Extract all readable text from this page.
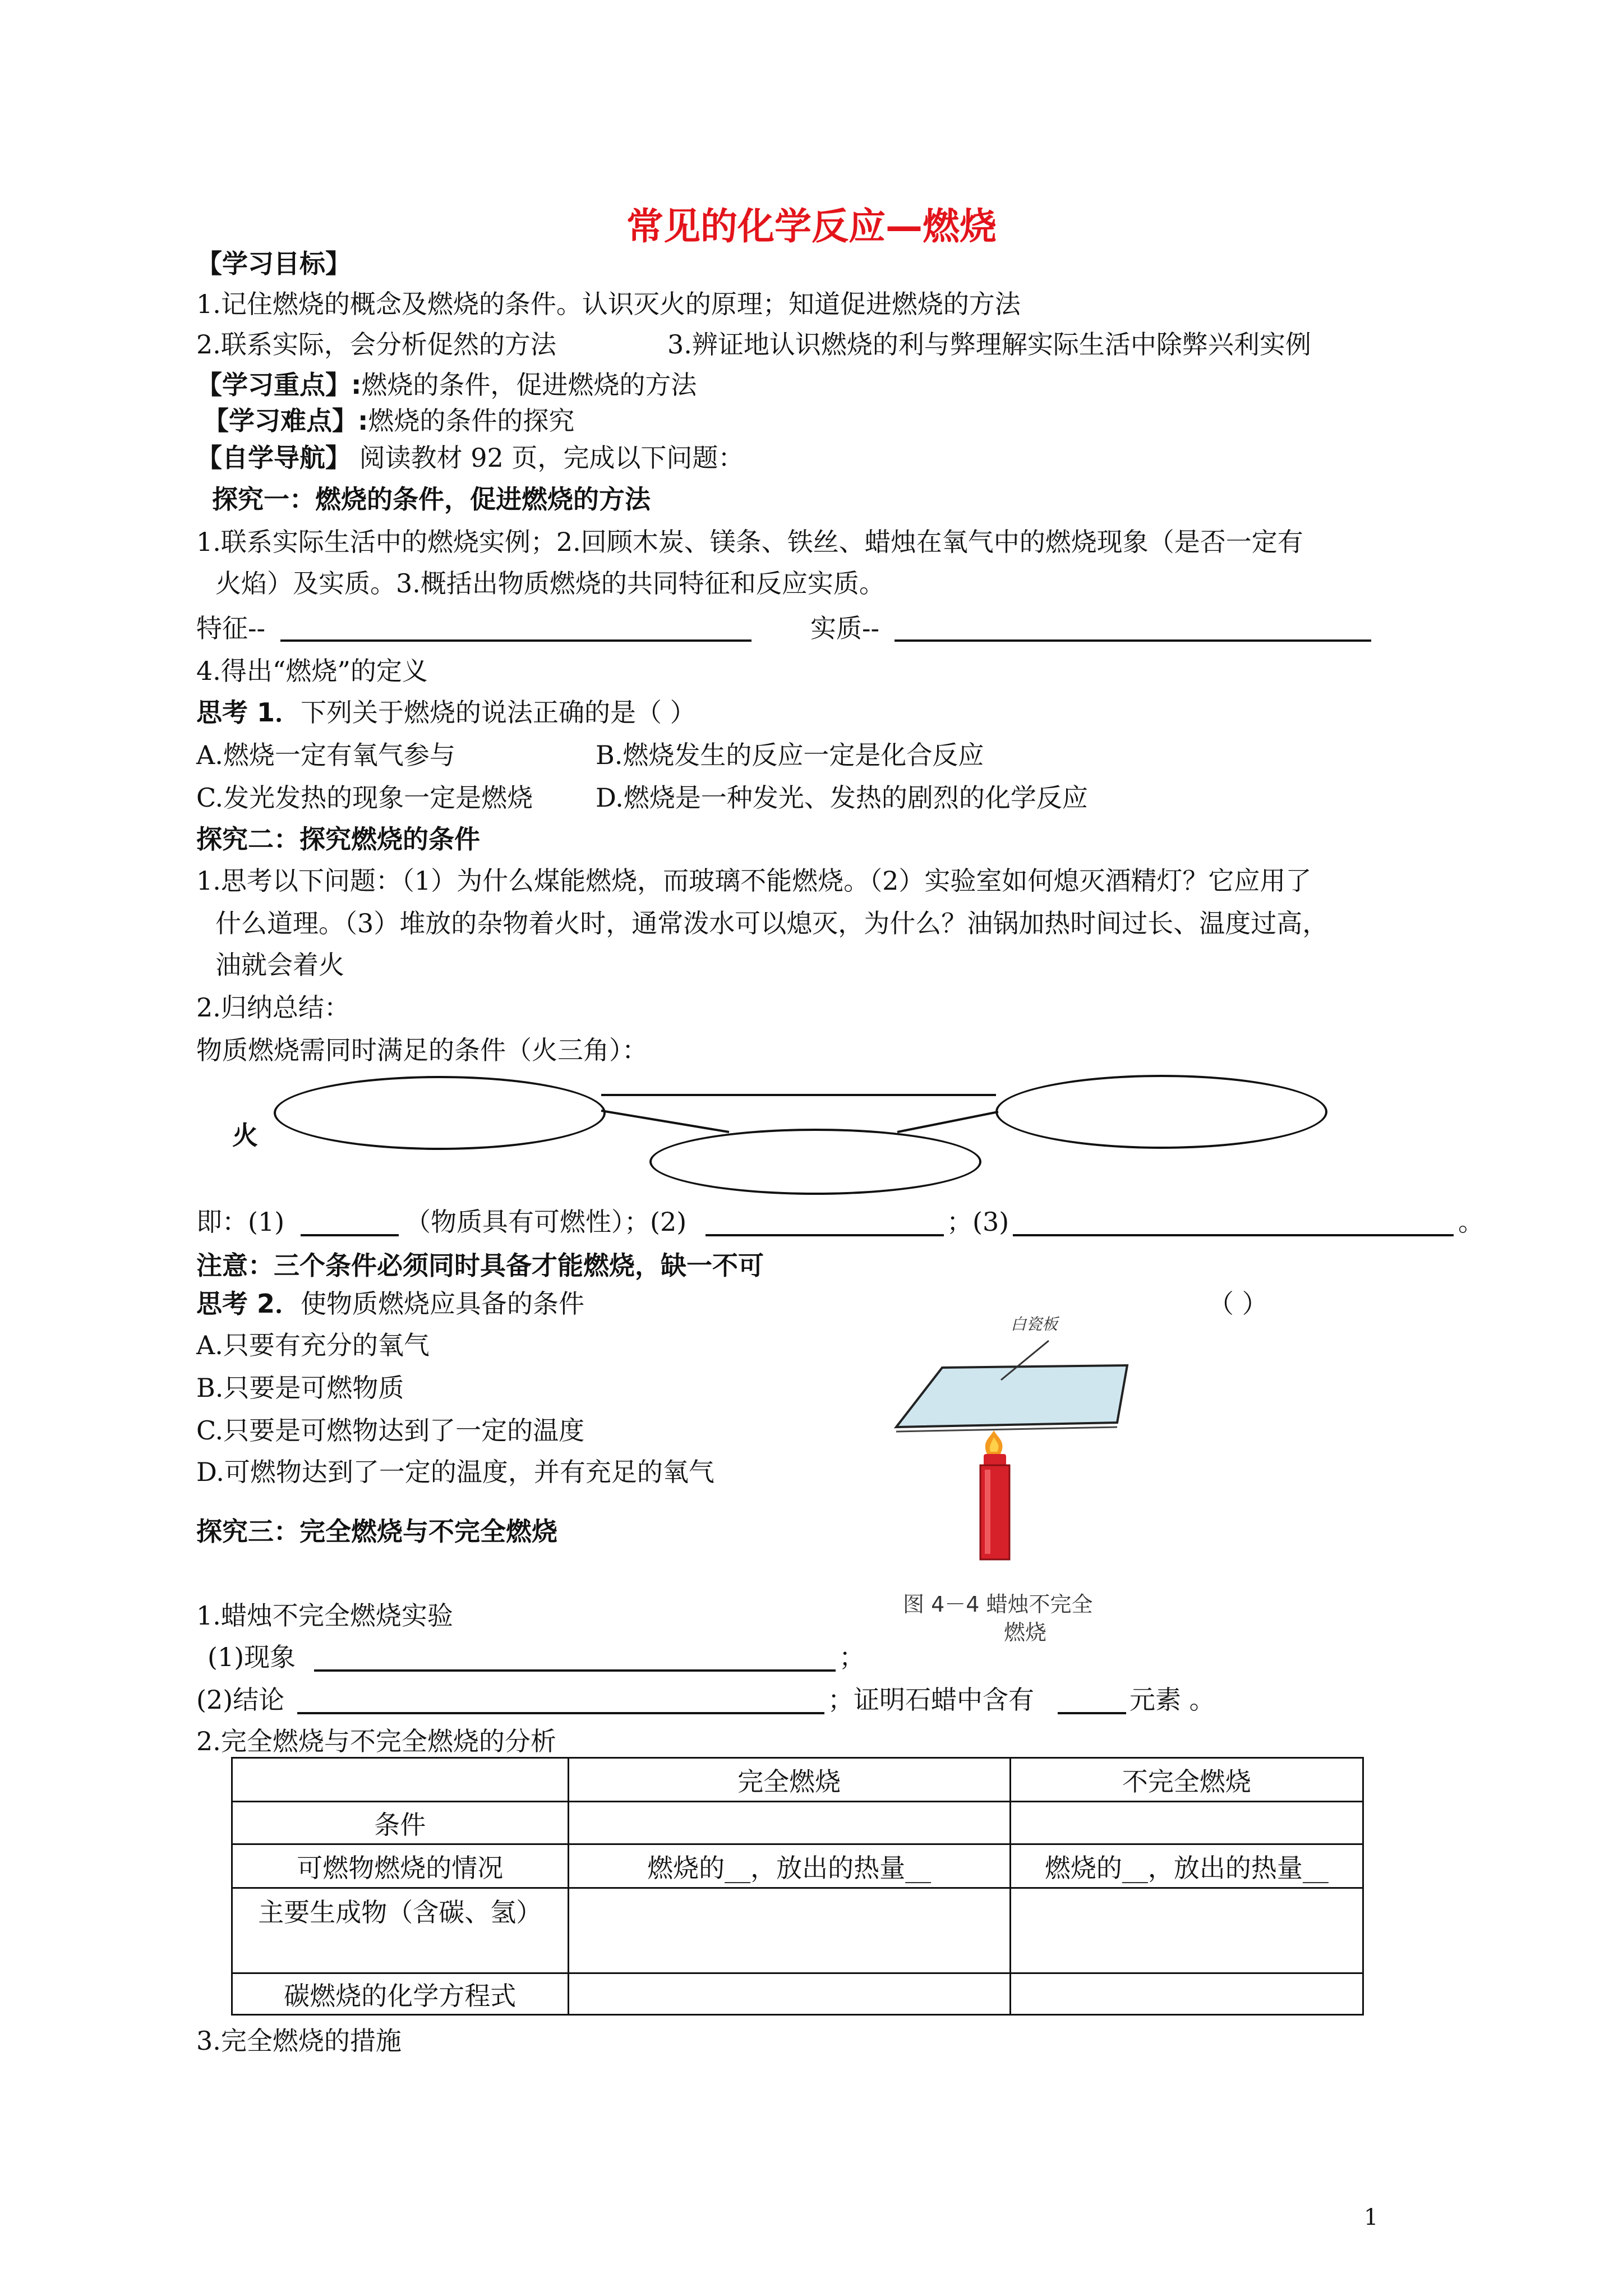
常见的化学反应—燃烧
【学习目标】
1.记住燃烧的概念及燃烧的条件。认识灭火的原理；知道促进燃烧的方法
2.联系实际，会分析促然的方法	3.辨证地认识燃烧的利与弊理解实际生活中除弊兴利实例
【学习重点】:燃烧的条件，促进燃烧的方法
【学习难点】:燃烧的条件的探究
【自学导航】 阅读教材 92 页，完成以下问题：
探究一：燃烧的条件，促进燃烧的方法
1.联系实际生活中的燃烧实例；2.回顾木炭、镁条、铁丝、蜡烛在氧气中的燃烧现象（是否一定有
火焰）及实质。3.概括出物质燃烧的共同特征和反应实质。
特征--	实质--
4.得出“燃烧”的定义
思考 1．下列关于燃烧的说法正确的是（ ）
A.燃烧一定有氧气参与	B.燃烧发生的反应一定是化合反应
C.发光发热的现象一定是燃烧 D.燃烧是一种发光、发热的剧烈的化学反应
探究二：探究燃烧的条件
1.思考以下问题：（1）为什么煤能燃烧，而玻璃不能燃烧。（2）实验室如何熄灭酒精灯？它应用了
什么道理。（3）堆放的杂物着火时，通常泼水可以熄灭，为什么？油锅加热时间过长、温度过高，
油就会着火
2.归纳总结：
物质燃烧需同时满足的条件（火三角）：
火
即：(1)	（物质具有可燃性）；(2)	；(3)	。
注意：三个条件必须同时具备才能燃烧，缺一不可
思考 2．使物质燃烧应具备的条件	（ ）
A.只要有充分的氧气
B.只要是可燃物质
C.只要是可燃物达到了一定的温度
D.可燃物达到了一定的温度，并有充足的氧气
白瓷板
图 4－4 蜡烛不完全
燃烧
探究三：完全燃烧与不完全燃烧
1.蜡烛不完全燃烧实验
(1)现象	；
(2)结论	；证明石蜡中含有	元素 。
2.完全燃烧与不完全燃烧的分析
	完全燃烧	不完全燃烧
条件		
可燃物燃烧的情况	燃烧的__，放出的热量__	燃烧的__，放出的热量__
主要生成物（含碳、氢）		
碳燃烧的化学方程式		
3.完全燃烧的措施
1
